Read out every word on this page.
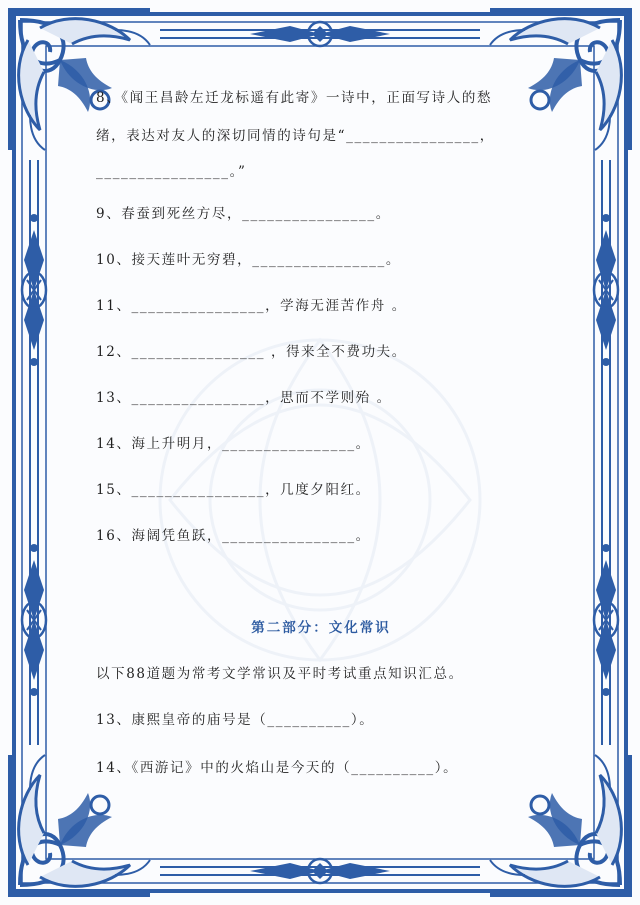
8、《闻王昌龄左迁龙标遥有此寄》一诗中，正面写诗人的愁
绪，表达对友人的深切同情的诗句是“________________，
________________。”
9、春蚕到死丝方尽，________________。
10、接天莲叶无穷碧，________________。
11、________________，学海无涯苦作舟 。
12、________________ ，得来全不费功夫。
13、________________，思而不学则殆 。
14、海上升明月，________________。
15、________________，几度夕阳红。
16、海阔凭鱼跃，________________。
第二部分：文化常识
以下88道题为常考文学常识及平时考试重点知识汇总。
13、康熙皇帝的庙号是（__________）。
14、《西游记》中的火焰山是今天的（__________）。
